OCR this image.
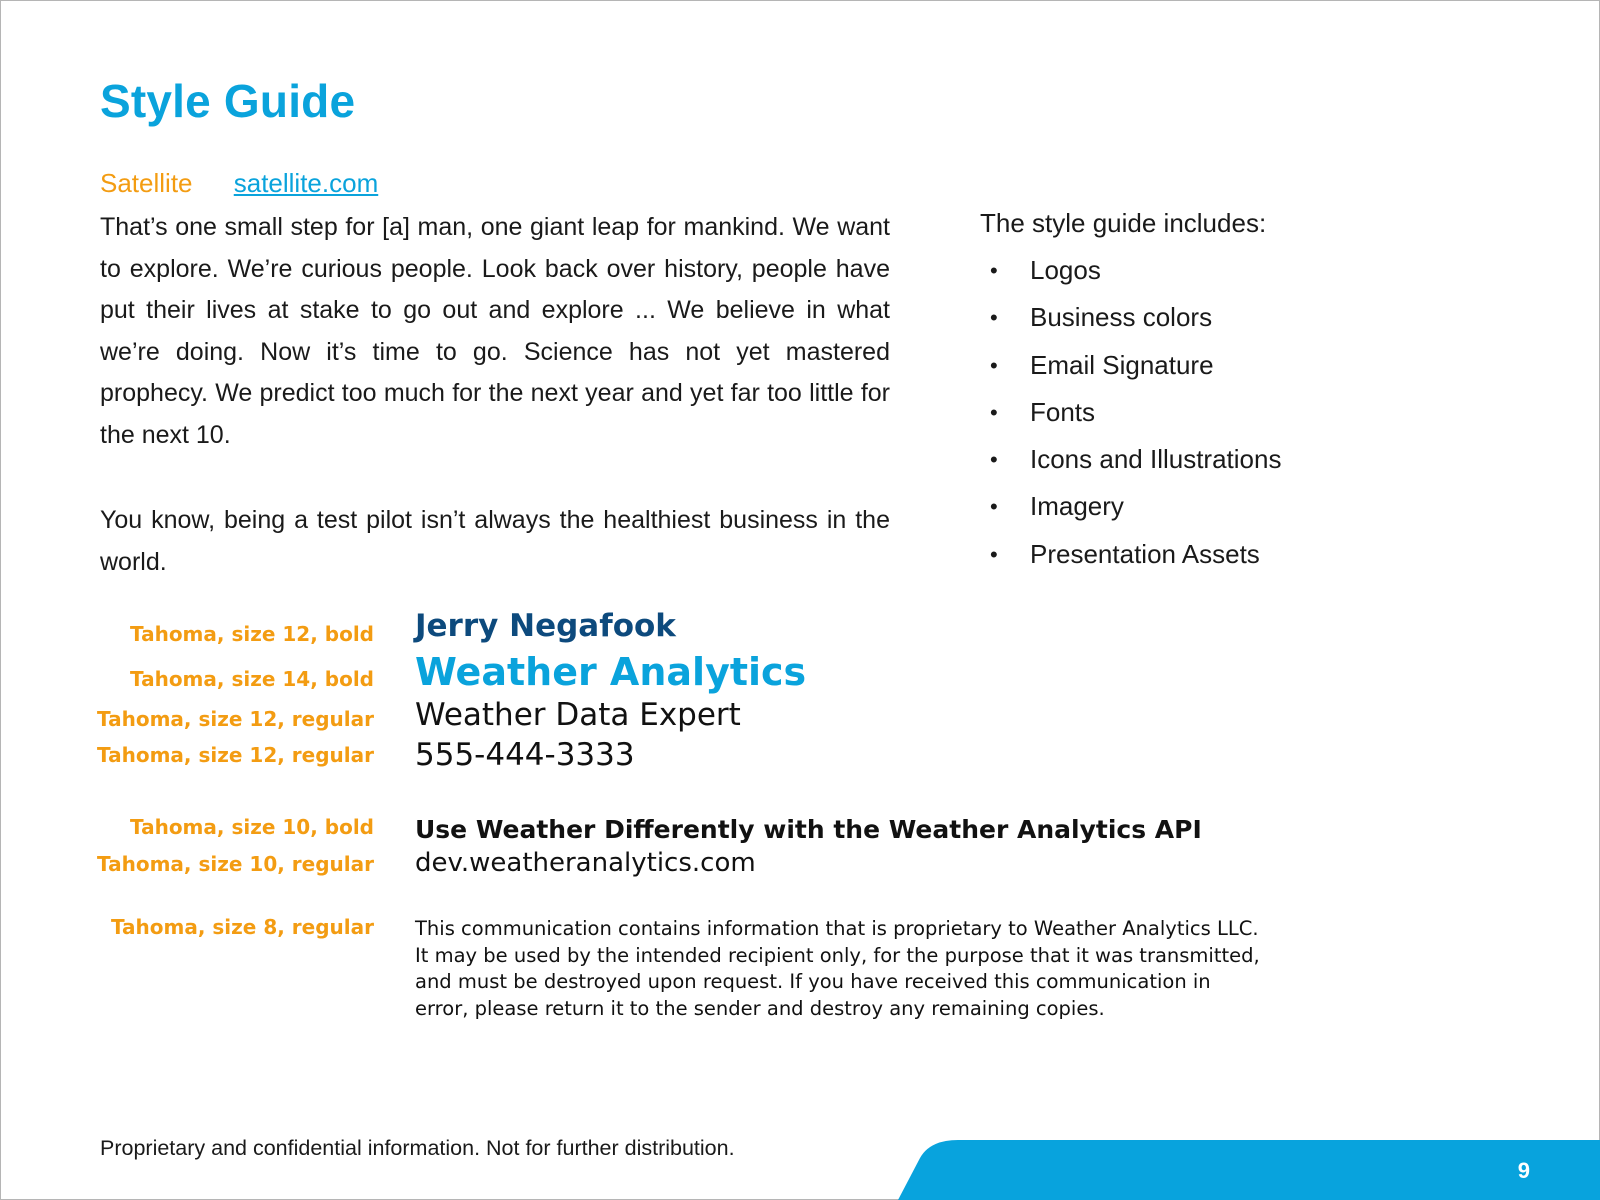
Style Guide
Satellite satellite.com

That’s one small step for [a] man, one giant leap for mankind. We want to explore. We’re curious people. Look back over history, people have put their lives at stake to go out and explore ... We believe in what we’re doing. Now it’s time to go. Science has not yet mastered prophecy. We predict too much for the next year and yet far too little for the next 10.

You know, being a test pilot isn’t always the healthiest business in the world.

The style guide includes:
• Logos
• Business colors
• Email Signature
• Fonts
• Icons and Illustrations
• Imagery
• Presentation Assets
Tahoma, size 12, bold
Tahoma, size 14, bold
Tahoma, size 12, regular
Tahoma, size 12, regular
Tahoma, size 10, bold
Tahoma, size 10, regular
Tahoma, size 8, regular
Jerry Negafook
Weather Analytics
Weather Data Expert
555-444-3333
Use Weather Differently with the Weather Analytics API
dev.weatheranalytics.com
This communication contains information that is proprietary to Weather Analytics LLC. It may be used by the intended recipient only, for the purpose that it was transmitted, and must be destroyed upon request. If you have received this communication in error, please return it to the sender and destroy any remaining copies.
Proprietary and confidential information. Not for further distribution.
9
